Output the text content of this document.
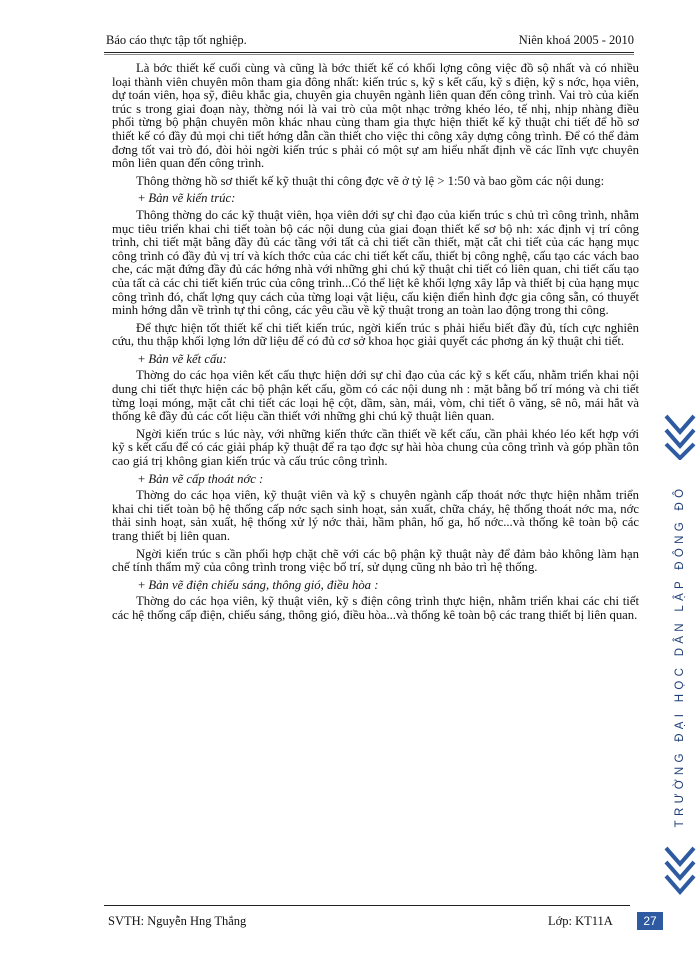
Báo cáo thực tập tốt nghiệp.	Niên khoá 2005 - 2010

Là bớc thiết kế cuối cùng và cũng là bớc thiết kế có khối lợng công việc đồ sộ nhất và có nhiều loại thành viên chuyên môn tham gia đông nhất: kiến trúc s, kỹ s kết cấu, kỹ s điện, kỹ s nớc, họa viên, dự toán viên, họa sỹ, điêu khắc gia, chuyên gia chuyên ngành liên quan đến công trình. Vai trò của kiến trúc s trong giai đoạn này, thờng nói là vai trò của một nhạc trởng khéo léo, tế nhị, nhịp nhàng điều phối từng bộ phận chuyên môn khác nhau cùng tham gia thực hiện thiết kế kỹ thuật chi tiết để hồ sơ thiết kế có đầy đủ mọi chi tiết hớng dẫn cần thiết cho việc thi công xây dựng công trình. Để có thể đảm đơng tốt vai trò đó, đòi hỏi ngời kiến trúc s phải có một sự am hiểu nhất định về các lĩnh vực chuyên môn liên quan đến công trình.

Thông thờng hồ sơ thiết kế kỹ thuật thi công đợc vẽ ở tỷ lệ > 1:50 và bao gồm các nội dung:

+ Bản vẽ kiến trúc:

Thông thờng do các kỹ thuật viên, họa viên dới sự chỉ đạo của kiến trúc s chủ trì công trình, nhằm mục tiêu triển khai chi tiết toàn bộ các nội dung của giai đoạn thiết kế sơ bộ nh: xác định vị trí công trình, chi tiết mặt bằng đầy đủ các tầng với tất cả chi tiết cần thiết, mặt cắt chi tiết của các hạng mục công trình có đầy đủ vị trí và kích thớc của các chi tiết kết cấu, thiết bị công nghệ, cấu tạo các vách bao che, các mặt đứng đầy đủ các hớng nhà với những ghi chú kỹ thuật chi tiết có liên quan, chi tiết cấu tạo của tất cả các chi tiết kiến trúc của công trình...Có thể liệt kê khối lợng xây lắp và thiết bị của hạng mục công trình đó, chất lợng quy cách của từng loại vật liệu, cấu kiện điển hình đợc gia công sẵn, có thuyết minh hớng dẫn về trình tự thi công, các yêu cầu về kỹ thuật trong an toàn lao động trong thi công.

Để thực hiện tốt thiết kế chi tiết kiến trúc, ngời kiến trúc s phải hiểu biết đầy đủ, tích cực nghiên cứu, thu thập khối lợng lớn dữ liệu để có đủ cơ sở khoa học giải quyết các phơng án kỹ thuật chi tiết.

+ Bản vẽ kết cấu:

Thờng do các họa viên kết cấu thực hiện dới sự chỉ đạo của các kỹ s kết cấu, nhằm triển khai nội dung chi tiết thực hiện các bộ phận kết cấu, gồm có các nội dung nh : mặt bằng bố trí móng và chi tiết từng loại móng, mặt cắt chi tiết các loại hệ cột, dầm, sàn, mái, vòm, chi tiết ô văng, sê nô, mái hắt và thống kê đầy đủ các cốt liệu cần thiết với những ghi chú kỹ thuật liên quan.

Ngời kiến trúc s lúc này, với những kiến thức cần thiết về kết cấu, cần phải khéo léo kết hợp với kỹ s kết cấu để có các giải pháp kỹ thuật để ra tạo đợc sự hài hòa chung của công trình và góp phần tôn cao giá trị không gian kiến trúc và cấu trúc công trình.

+ Bản vẽ cấp thoát nớc :

Thờng do các họa viên, kỹ thuật viên và kỹ s chuyên ngành cấp thoát nớc thực hiện nhằm triển khai chi tiết toàn bộ hệ thống cấp nớc sạch sinh hoạt, sản xuất, chữa cháy, hệ thống thoát nớc ma, nớc thải sinh hoạt, sản xuất, hệ thống xử lý nớc thải, hầm phân, hố ga, hố nớc...và thống kê toàn bộ các trang thiết bị liên quan.

Ngời kiến trúc s cần phối hợp chặt chẽ với các bộ phận kỹ thuật này để đảm bảo không làm hạn chế tính thẩm mỹ của công trình trong việc bố trí, sử dụng cũng nh bảo trì hệ thống.

+ Bản vẽ điện chiếu sáng, thông gió, điều hòa :

Thờng do các họa viên, kỹ thuật viên, kỹ s điện công trình thực hiện, nhằm triển khai các chi tiết các hệ thống cấp điện, chiếu sáng, thông gió, điều hòa...và thống kê toàn bộ các trang thiết bị liên quan.	TRƯỜNG ĐẠI HỌC DÂN LẬP ĐÔNG ĐÔ
SVTH: Nguyễn Hng Thắng	Lớp: KT11A	27
